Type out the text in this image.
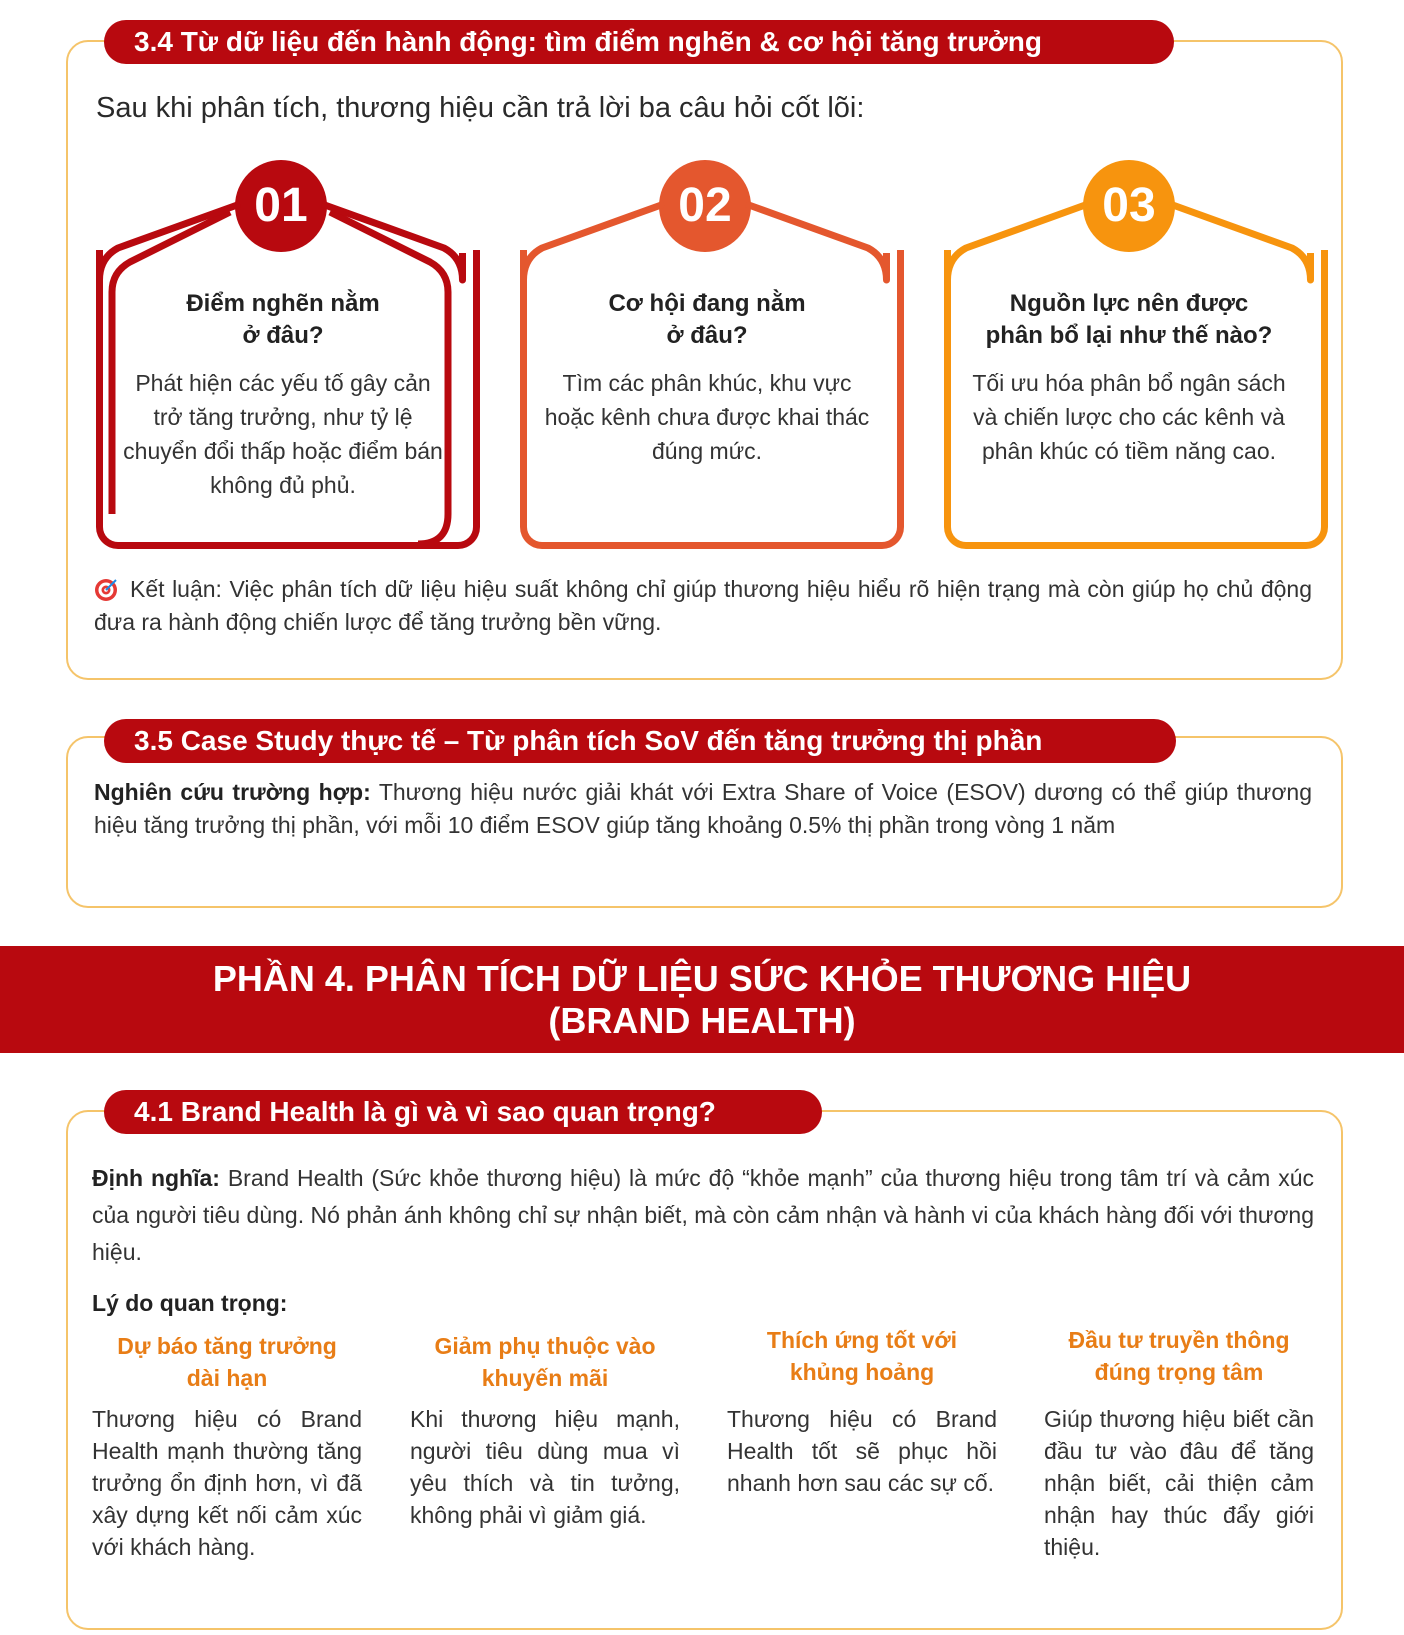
3.4 Từ dữ liệu đến hành động: tìm điểm nghẽn & cơ hội tăng trưởng
Sau khi phân tích, thương hiệu cần trả lời ba câu hỏi cốt lõi:
01
Điểm nghẽn nằm
ở đâu?
Phát hiện các yếu tố gây cản trở tăng trưởng, như tỷ lệ chuyển đổi thấp hoặc điểm bán không đủ phủ.
02
Cơ hội đang nằm
ở đâu?
Tìm các phân khúc, khu vực hoặc kênh chưa được khai thác đúng mức.
03
Nguồn lực nên được
phân bổ lại như thế nào?
Tối ưu hóa phân bổ ngân sách và chiến lược cho các kênh và phân khúc có tiềm năng cao.
Kết luận: Việc phân tích dữ liệu hiệu suất không chỉ giúp thương hiệu hiểu rõ hiện trạng mà còn giúp họ chủ động đưa ra hành động chiến lược để tăng trưởng bền vững.
3.5 Case Study thực tế – Từ phân tích SoV đến tăng trưởng thị phần
Nghiên cứu trường hợp: Thương hiệu nước giải khát với Extra Share of Voice (ESOV) dương có thể giúp thương hiệu tăng trưởng thị phần, với mỗi 10 điểm ESOV giúp tăng khoảng 0.5% thị phần trong vòng 1 năm
PHẦN 4. PHÂN TÍCH DỮ LIỆU SỨC KHỎE THƯƠNG HIỆU
(BRAND HEALTH)
4.1 Brand Health là gì và vì sao quan trọng?
Định nghĩa: Brand Health (Sức khỏe thương hiệu) là mức độ “khỏe mạnh” của thương hiệu trong tâm trí và cảm xúc của người tiêu dùng. Nó phản ánh không chỉ sự nhận biết, mà còn cảm nhận và hành vi của khách hàng đối với thương hiệu.
Lý do quan trọng:
Dự báo tăng trưởng
dài hạn
Thương hiệu có Brand Health mạnh thường tăng trưởng ổn định hơn, vì đã xây dựng kết nối cảm xúc với khách hàng.
Giảm phụ thuộc vào
khuyến mãi
Khi thương hiệu mạnh, người tiêu dùng mua vì yêu thích và tin tưởng, không phải vì giảm giá.
Thích ứng tốt với
khủng hoảng
Thương hiệu có Brand Health tốt sẽ phục hồi nhanh hơn sau các sự cố.
Đầu tư truyền thông
đúng trọng tâm
Giúp thương hiệu biết cần đầu tư vào đâu để tăng nhận biết, cải thiện cảm nhận hay thúc đẩy giới thiệu.
